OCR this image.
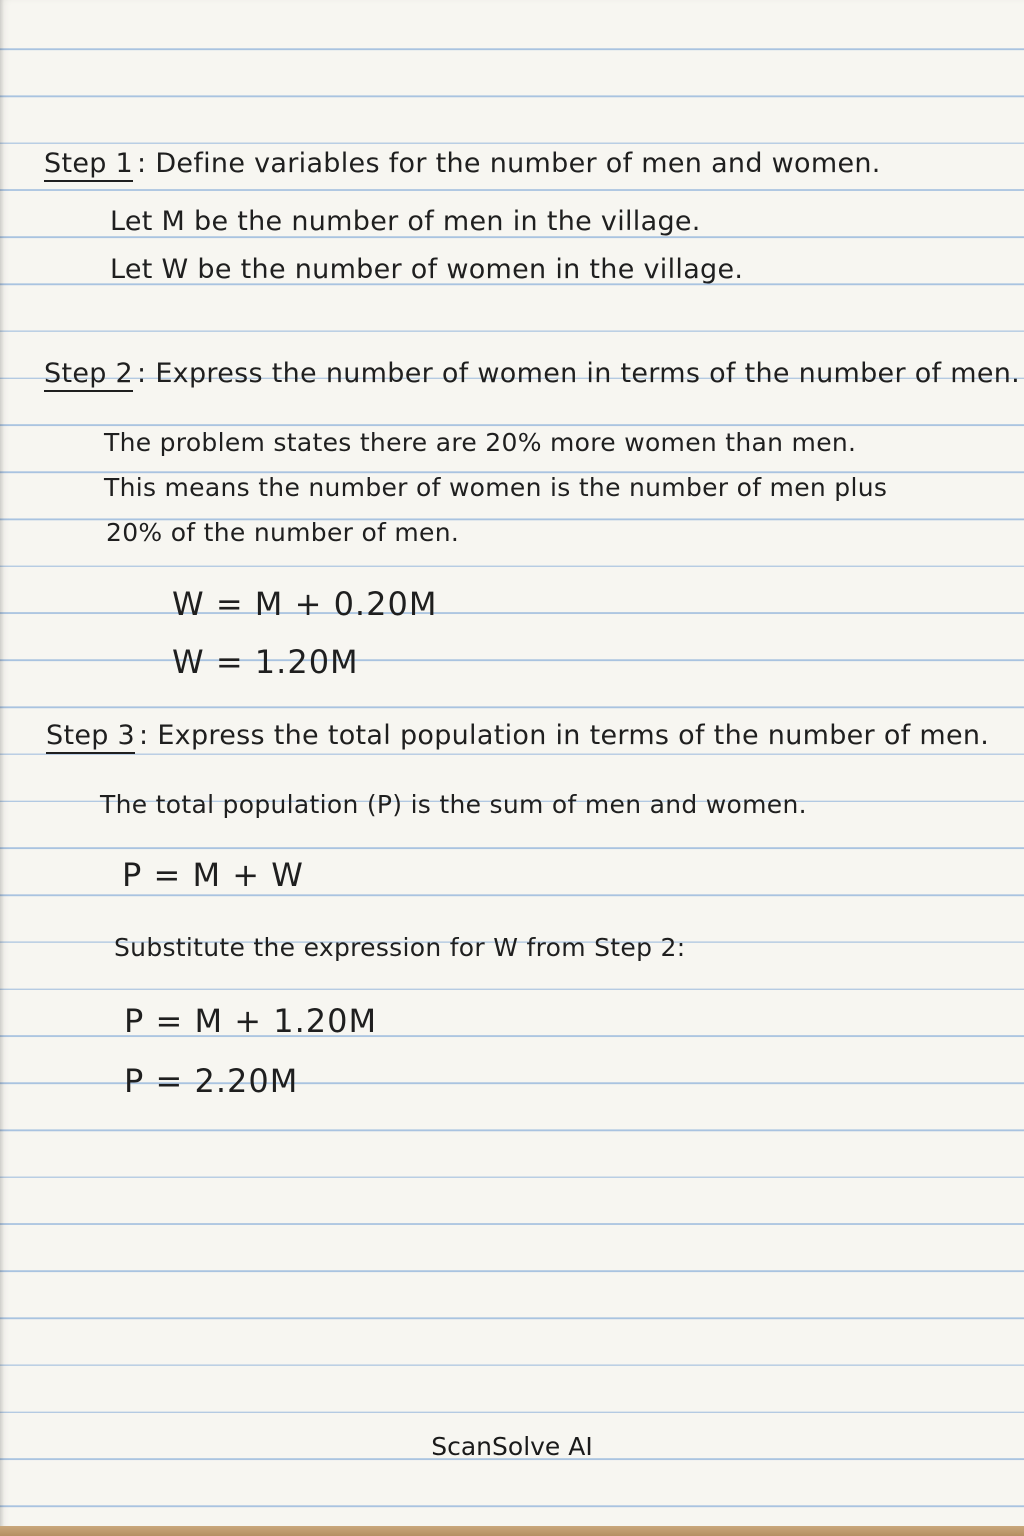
Step 1 : Define variables for the number of men and women.
Let M be the number of men in the village.
Let W be the number of women in the village.
Step 2 : Express the number of women in terms of the number of men.
The problem states there are 20% more women than men.
This means the number of women is the number of men plus
20% of the number of men.
W = M + 0.20M
W = 1.20M
Step 3 : Express the total population in terms of the number of men.
The total population (P) is the sum of men and women.
P = M + W
Substitute the expression for W from Step 2:
P = M + 1.20M
P = 2.20M
ScanSolve AI
